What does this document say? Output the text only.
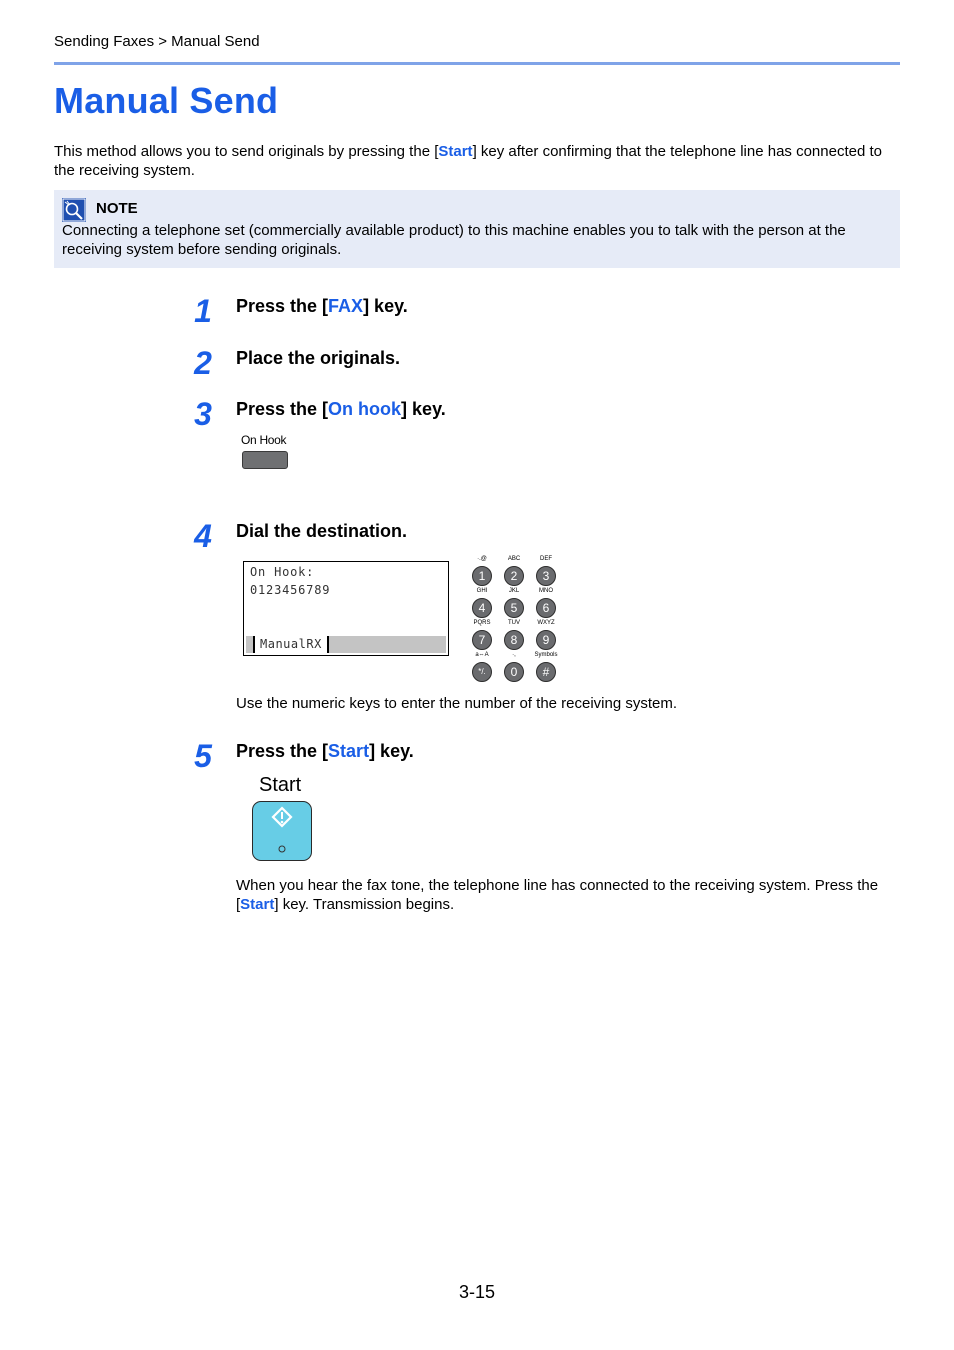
Sending Faxes > Manual Send
Manual Send
This method allows you to send originals by pressing the [Start] key after confirming that the telephone line has connected to the receiving system.
NOTE
Connecting a telephone set (commercially available product) to this machine enables you to talk with the person at the receiving system before sending originals.
1	Press the [FAX] key.
2	Place the originals.
3	Press the [On hook] key.
On Hook
4	Dial the destination.
On Hook:
0123456789
ManualRX
·.@	ABC	DEF
1	2	3
GHI	JKL	MNO
4	5	6
PQRS	TUV	WXYZ
7	8	9
a⇔A	·,	Symbols
*/.	0	#
Use the numeric keys to enter the number of the receiving system.
5	Press the [Start] key.
Start
When you hear the fax tone, the telephone line has connected to the receiving system. Press the [Start] key. Transmission begins.
3-15
